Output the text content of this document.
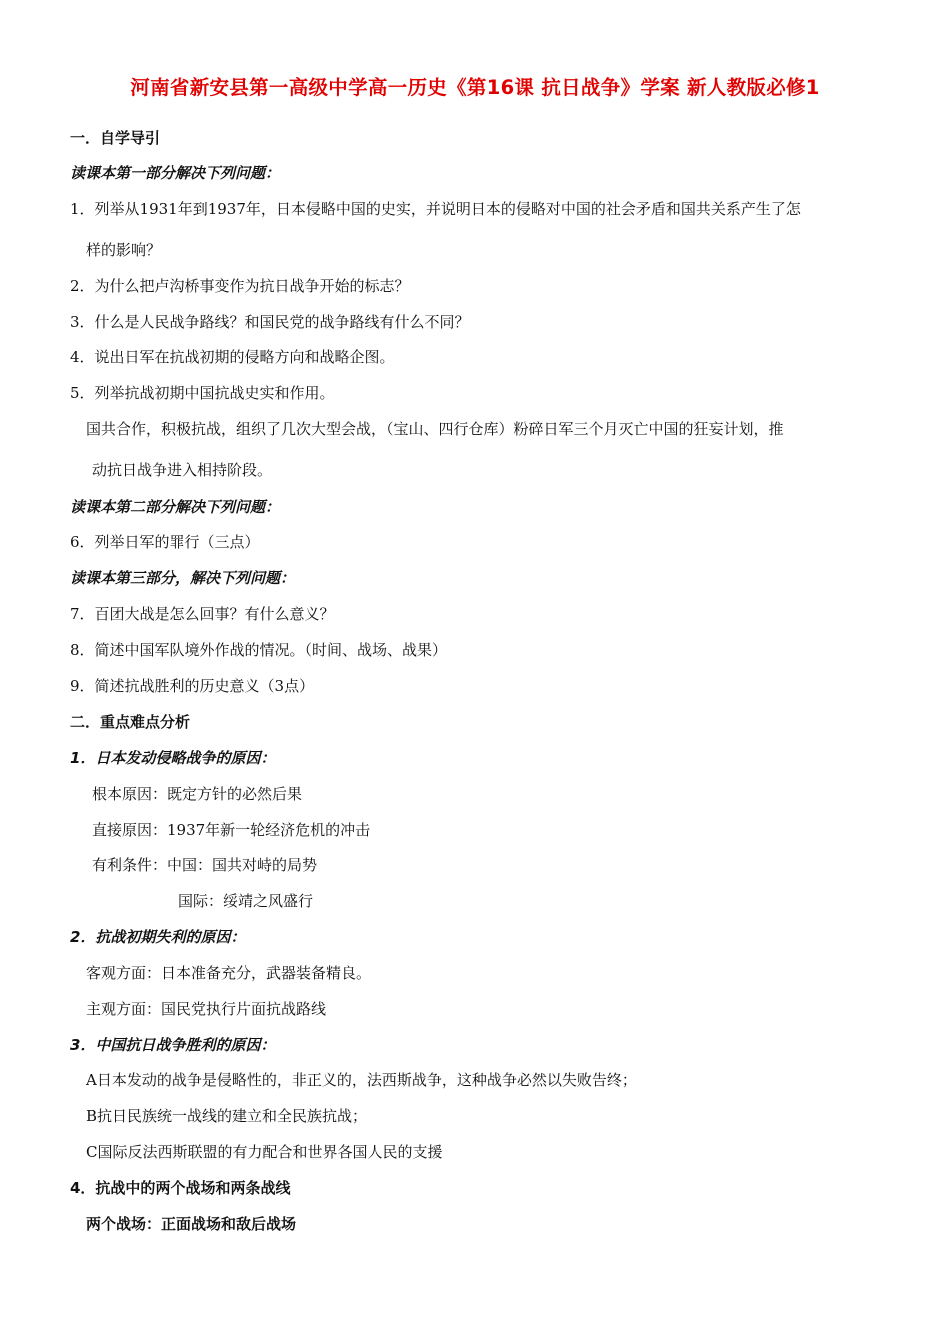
河南省新安县第一高级中学高一历史《第16课 抗日战争》学案 新人教版必修1
一．自学导引
读课本第一部分解决下列问题：
1．列举从1931年到1937年，日本侵略中国的史实，并说明日本的侵略对中国的社会矛盾和国共关系产生了怎
样的影响？
2．为什么把卢沟桥事变作为抗日战争开始的标志？
3．什么是人民战争路线？和国民党的战争路线有什么不同？
4．说出日军在抗战初期的侵略方向和战略企图。
5．列举抗战初期中国抗战史实和作用。
国共合作，积极抗战，组织了几次大型会战，（宝山、四行仓库）粉碎日军三个月灭亡中国的狂妄计划，推
动抗日战争进入相持阶段。
读课本第二部分解决下列问题：
6．列举日军的罪行（三点）
读课本第三部分，解决下列问题：
7．百团大战是怎么回事？有什么意义？
8．简述中国军队境外作战的情况。（时间、战场、战果）
9．简述抗战胜利的历史意义（3点）
二．重点难点分析
1．日本发动侵略战争的原因：
根本原因：既定方针的必然后果
直接原因：1937年新一轮经济危机的冲击
有利条件：中国：国共对峙的局势
国际：绥靖之风盛行
2．抗战初期失利的原因：
客观方面：日本准备充分，武器装备精良。
主观方面：国民党执行片面抗战路线
3．中国抗日战争胜利的原因：
A日本发动的战争是侵略性的，非正义的，法西斯战争，这种战争必然以失败告终；
B抗日民族统一战线的建立和全民族抗战；
C国际反法西斯联盟的有力配合和世界各国人民的支援
4．抗战中的两个战场和两条战线
两个战场：正面战场和敌后战场
